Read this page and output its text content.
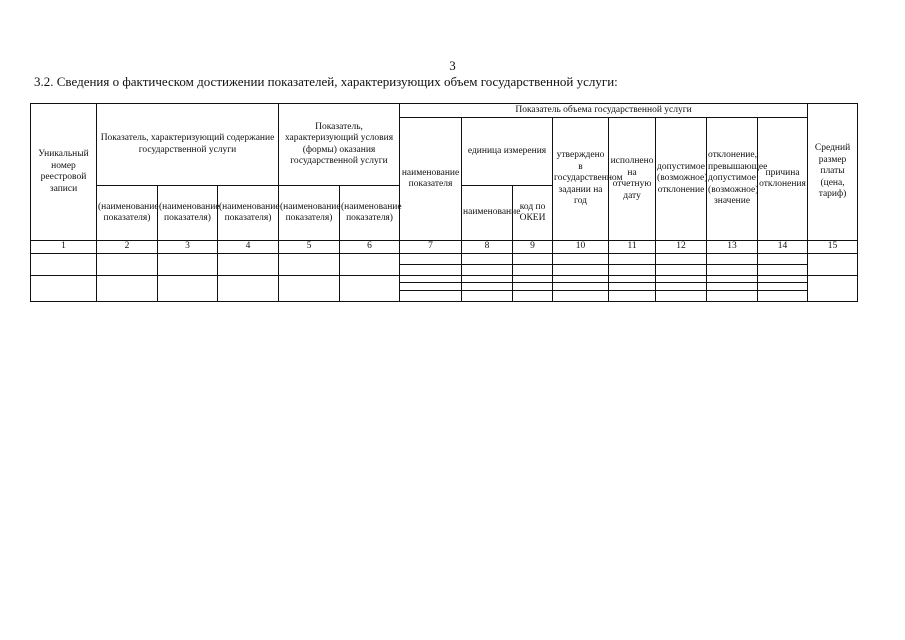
3
3.2. Сведения о фактическом достижении показателей, характеризующих объем государственной услуги:
Уникальный номер реестровой записи	Показатель, характеризующий содержание государственной услуги			Показатель, характеризующий условия (формы) оказания государственной услуги		Показатель объема государственной услуги								Средний размер платы (цена, тариф)
						наименование показателя	единица измерения		утверждено в государственном задании на год	исполнено на отчетную дату	допустимое (возможное) отклонение	отклонение, превышающее допустимое (возможное) значение	причина отклонения	
	(наименование показателя)	(наименование показателя)	(наименование показателя)	(наименование показателя)	(наименование показателя)		наименование	код по ОКЕИ						
1	2	3	4	5	6	7	8	9	10	11	12	13	14	15
